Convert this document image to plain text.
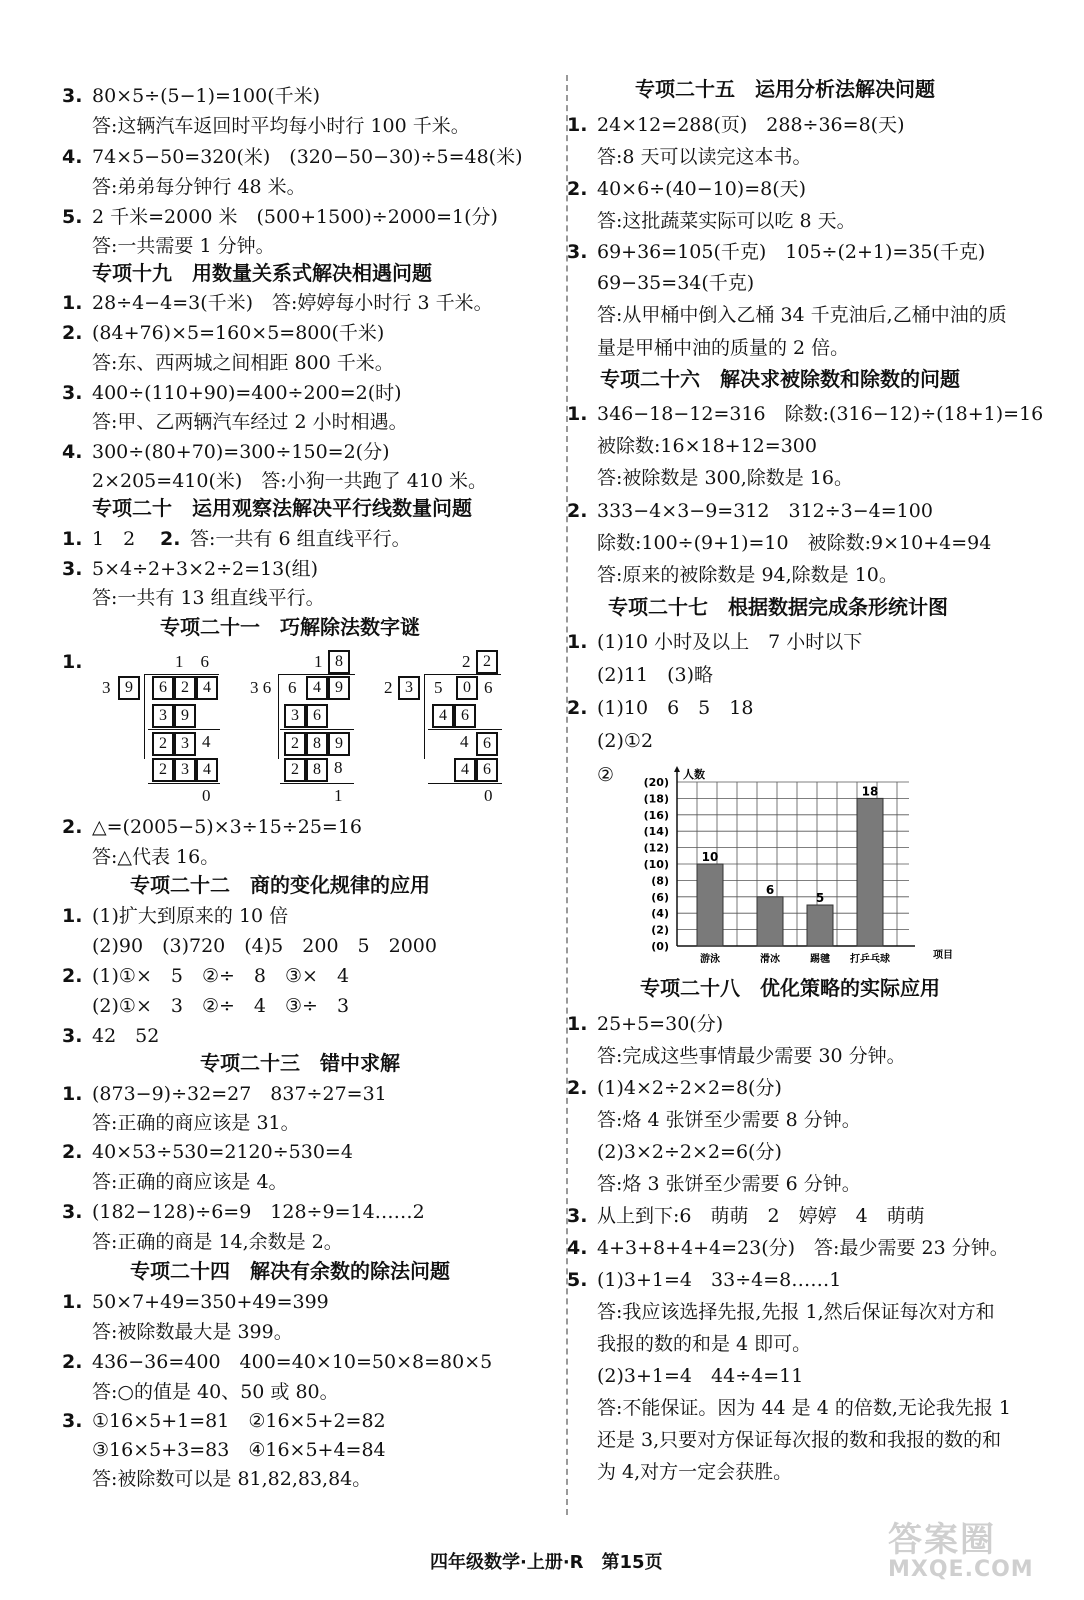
3. 80×5÷(5−1)=100(千米)
答:这辆汽车返回时平均每小时行 100 千米。
4. 74×5−50=320(米)　(320−50−30)÷5=48(米)
答:弟弟每分钟行 48 米。
5. 2 千米=2000 米　(500+1500)÷2000=1(分)
答:一共需要 1 分钟。
专项十九　用数量关系式解决相遇问题
1. 28÷4−4=3(千米)　答:婷婷每小时行 3 千米。
2. (84+76)×5=160×5=800(千米)
答:东、西两城之间相距 800 千米。
3. 400÷(110+90)=400÷200=2(时)
答:甲、乙两辆汽车经过 2 小时相遇。
4. 300÷(80+70)=300÷150=2(分)
2×205=410(米)　答:小狗一共跑了 410 米。
专项二十　运用观察法解决平行线数量问题
1. 1　2 2. 答:一共有 6 组直线平行。
3. 5×4÷2+3×2÷2=13(组)
答:一共有 13 组直线平行。
专项二十一　巧解除法数字谜
1.	1　6
3 9	6 2 4
3 9
2 3 4
2 3 4
0
1 8
3 6 6	4 9
3 6
2 8 9
2 8 8
1
2 2
2 3	5	0 6
4 6
4 6
4 6
0
2. △=(2005−5)×3÷15÷25=16
答:△代表 16。
专项二十二　商的变化规律的应用
1. (1)扩大到原来的 10 倍
(2)90　(3)720　(4)5　200　5　2000
2. (1)①×　5　②÷　8　③×　4
(2)①×　3　②÷　4　③÷　3
3. 42　52
专项二十三　错中求解
1. (873−9)÷32=27　837÷27=31
答:正确的商应该是 31。
2. 40×53÷530=2120÷530=4
答:正确的商应该是 4。
3. (182−128)÷6=9　128÷9=14……2
答:正确的商是 14,余数是 2。
专项二十四　解决有余数的除法问题
1. 50×7+49=350+49=399
答:被除数最大是 399。
2. 436−36=400　400=40×10=50×8=80×5
答:○的值是 40、50 或 80。
3. ①16×5+1=81　②16×5+2=82
③16×5+3=83　④16×5+4=84
答:被除数可以是 81,82,83,84。
专项二十五　运用分析法解决问题
1. 24×12=288(页)　288÷36=8(天)
答:8 天可以读完这本书。
2. 40×6÷(40−10)=8(天)
答:这批蔬菜实际可以吃 8 天。
3. 69+36=105(千克)　105÷(2+1)=35(千克)
69−35=34(千克)
答:从甲桶中倒入乙桶 34 千克油后,乙桶中油的质
量是甲桶中油的质量的 2 倍。
专项二十六　解决求被除数和除数的问题
1. 346−18−12=316　除数:(316−12)÷(18+1)=16
被除数:16×18+12=300
答:被除数是 300,除数是 16。
2. 333−4×3−9=312　312÷3−4=100
除数:100÷(9+1)=10　被除数:9×10+4=94
答:原来的被除数是 94,除数是 10。
专项二十七　根据数据完成条形统计图
1. (1)10 小时及以上　7 小时以下
(2)11　(3)略
2. (1)10　6　5　18
(2)①2
②	(20)
(18)
(16)
(14)
(12)
(10)
(8)
(6)
(4)
(2)
(0)
人数
项目
10
游泳
6
滑冰
5
踢毽
18
打乒乓球
专项二十八　优化策略的实际应用
1. 25+5=30(分)
答:完成这些事情最少需要 30 分钟。
2. (1)4×2÷2×2=8(分)
答:烙 4 张饼至少需要 8 分钟。
(2)3×2÷2×2=6(分)
答:烙 3 张饼至少需要 6 分钟。
3. 从上到下:6　萌萌　2　婷婷　4　萌萌
4. 4+3+8+4+4=23(分)　答:最少需要 23 分钟。
5. (1)3+1=4　33÷4=8……1
答:我应该选择先报,先报 1,然后保证每次对方和
我报的数的和是 4 即可。
(2)3+1=4　44÷4=11
答:不能保证。因为 44 是 4 的倍数,无论我先报 1
还是 3,只要对方保证每次报的数和我报的数的和
为 4,对方一定会获胜。
四年级数学·上册·R　第15页
答案圈
MXQE.COM
